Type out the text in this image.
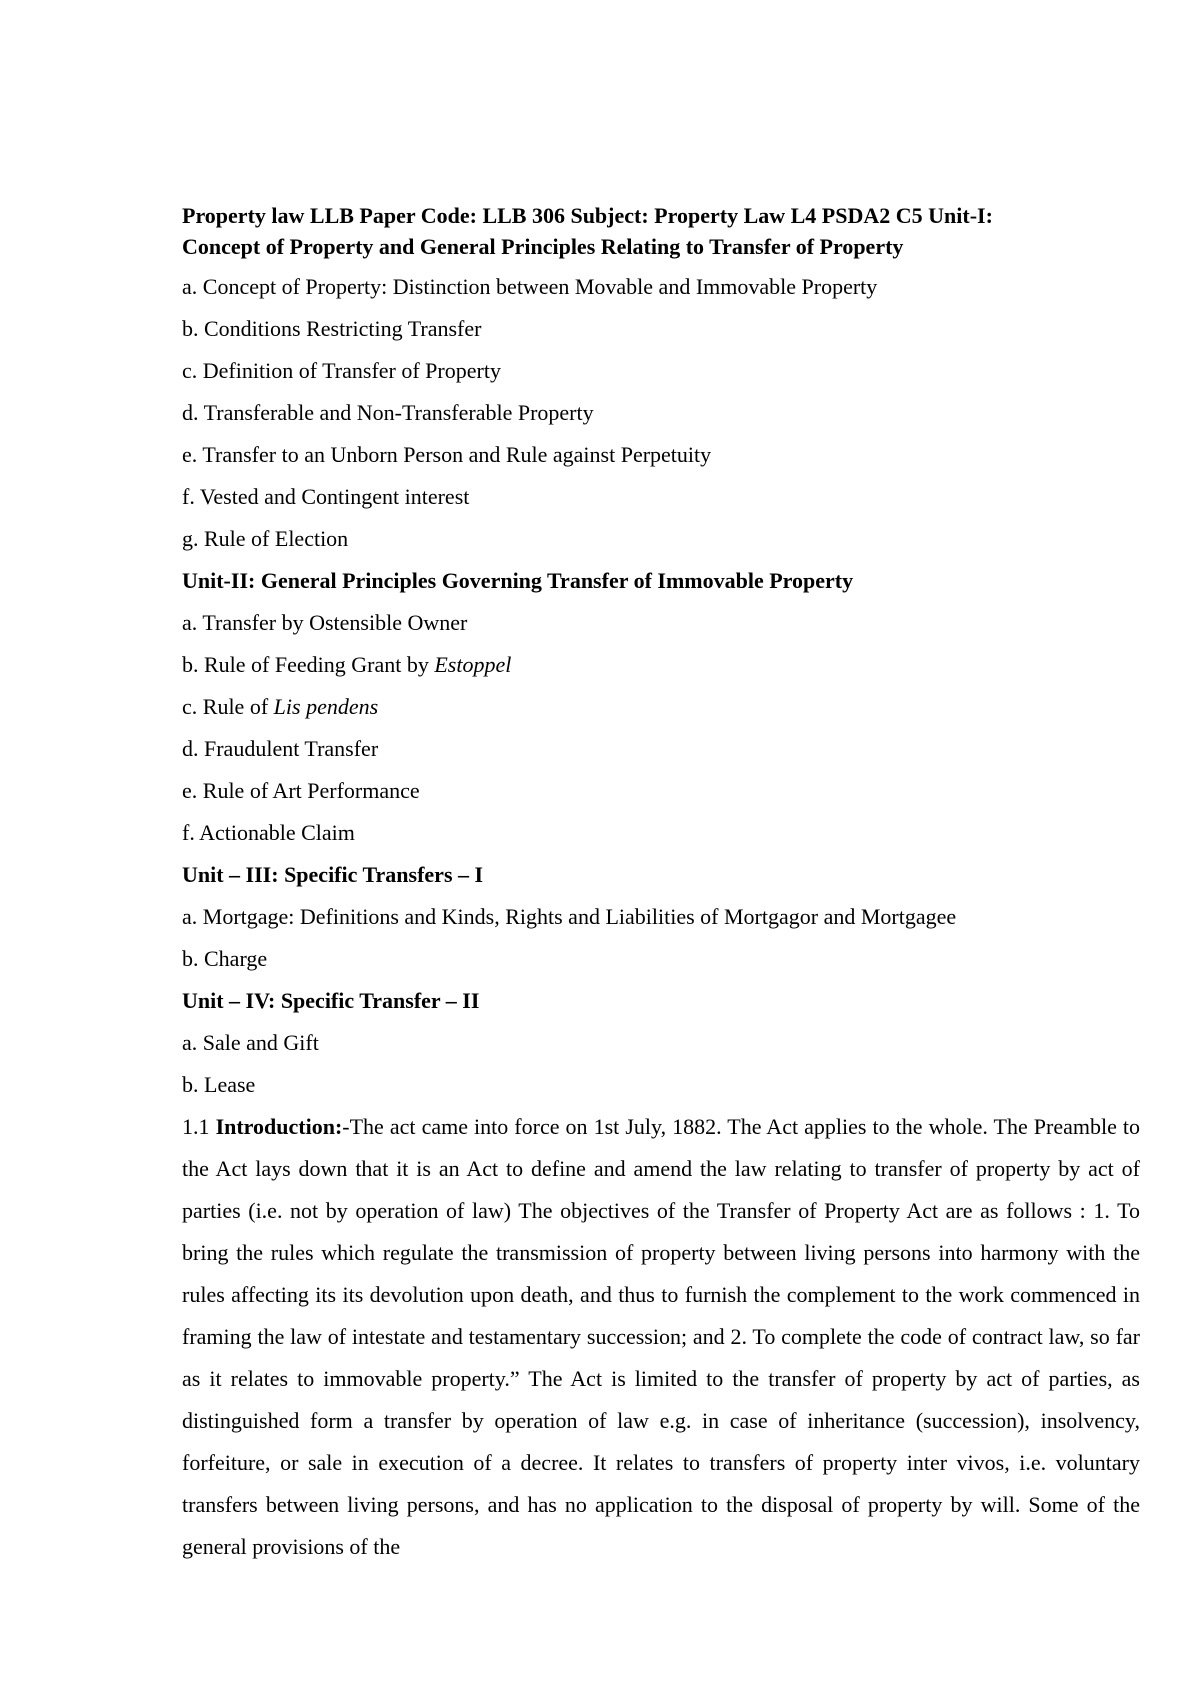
Property law LLB Paper Code: LLB 306 Subject: Property Law L4 PSDA2 C5 Unit-I:
Concept of Property and General Principles Relating to Transfer of Property

a. Concept of Property: Distinction between Movable and Immovable Property

b. Conditions Restricting Transfer

c. Definition of Transfer of Property

d. Transferable and Non-Transferable Property

e. Transfer to an Unborn Person and Rule against Perpetuity

f. Vested and Contingent interest

g. Rule of Election

Unit-II: General Principles Governing Transfer of Immovable Property

a. Transfer by Ostensible Owner

b. Rule of Feeding Grant by Estoppel

c. Rule of Lis pendens

d. Fraudulent Transfer

e. Rule of Art Performance

f. Actionable Claim

Unit – III: Specific Transfers – I

a. Mortgage: Definitions and Kinds, Rights and Liabilities of Mortgagor and Mortgagee

b. Charge

Unit – IV: Specific Transfer – II

a. Sale and Gift

b. Lease

1.1 Introduction:-The act came into force on 1st July, 1882. The Act applies to the whole. The Preamble to the Act lays down that it is an Act to define and amend the law relating to transfer of property by act of parties (i.e. not by operation of law) The objectives of the Transfer of Property Act are as follows : 1. To bring the rules which regulate the transmission of property between living persons into harmony with the rules affecting its its devolution upon death, and thus to furnish the complement to the work commenced in framing the law of intestate and testamentary succession; and 2. To complete the code of contract law, so far as it relates to immovable property.” The Act is limited to the transfer of property by act of parties, as distinguished form a transfer by operation of law e.g. in case of inheritance (succession), insolvency, forfeiture, or sale in execution of a decree. It relates to transfers of property inter vivos, i.e. voluntary transfers between living persons, and has no application to the disposal of property by will. Some of the general provisions of the
